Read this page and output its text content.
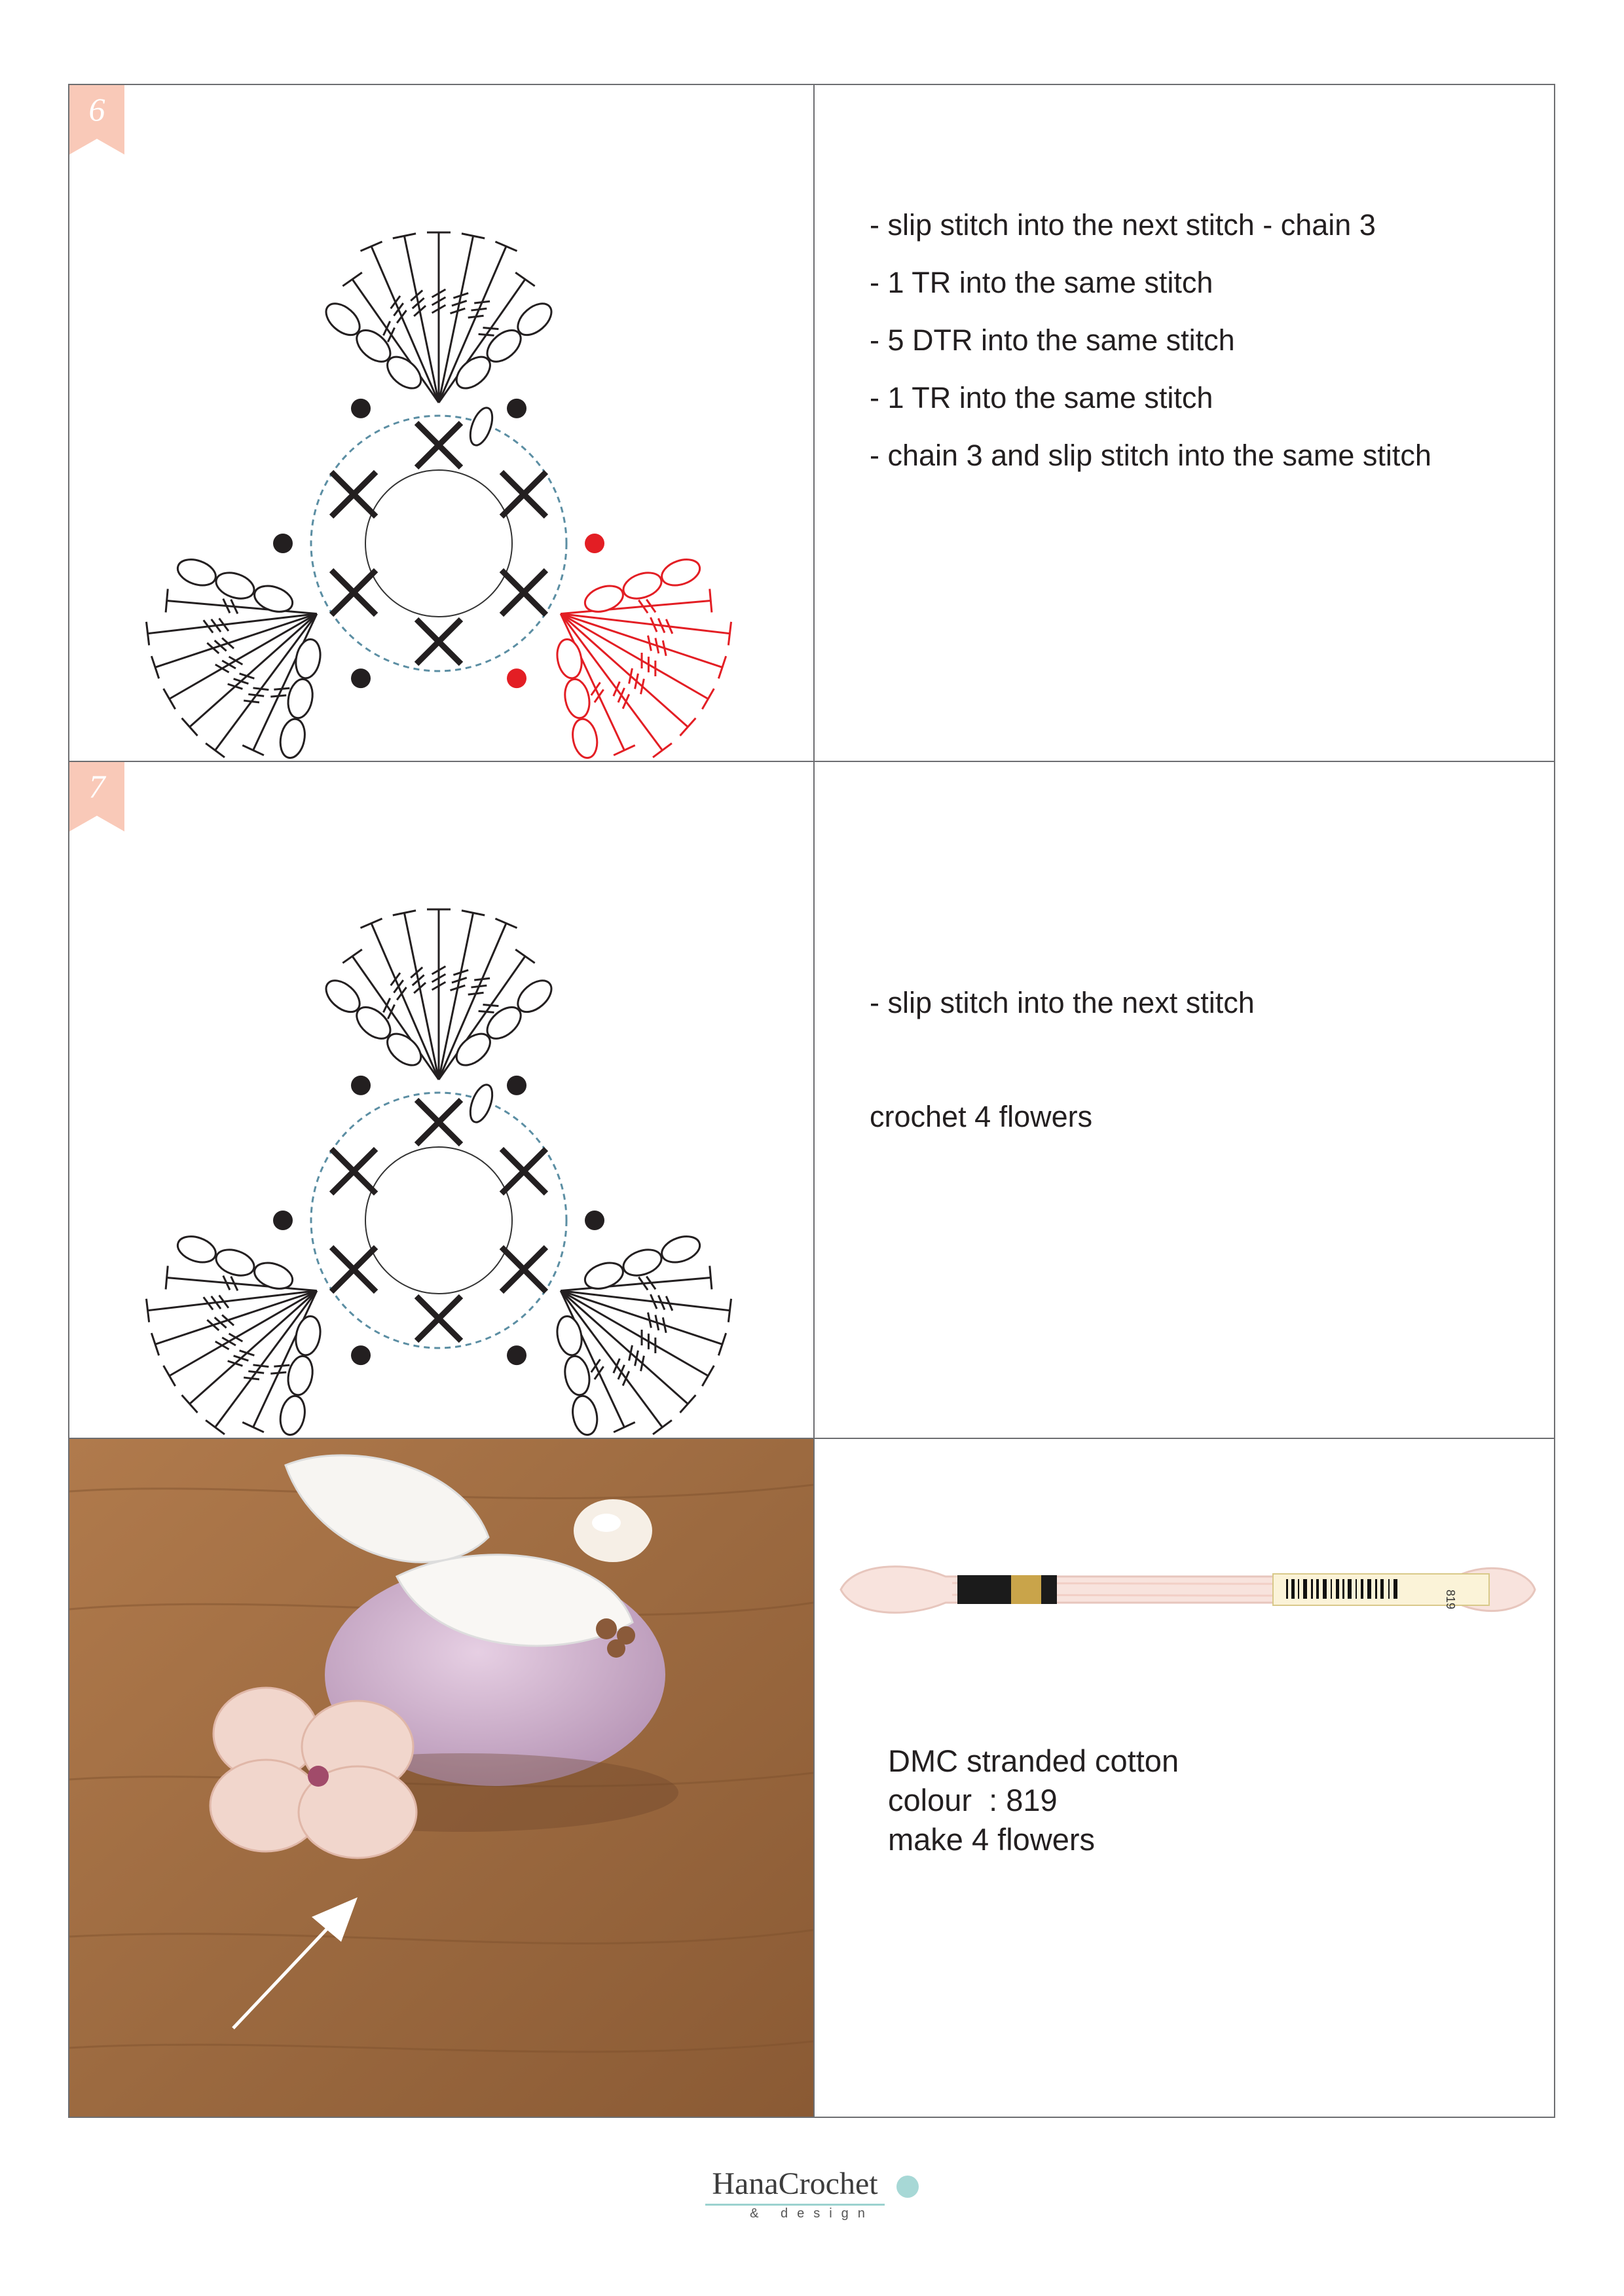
6
- slip stitch into the next stitch - chain 3
- 1 TR into the same stitch
- 5 DTR into the same stitch
- 1 TR into the same stitch
- chain 3 and slip stitch into the same stitch
7
- slip stitch into the next stitch
crochet 4 flowers
819
DMC stranded cotton
colour  : 819
make 4 flowers
HanaCrochet
& design
